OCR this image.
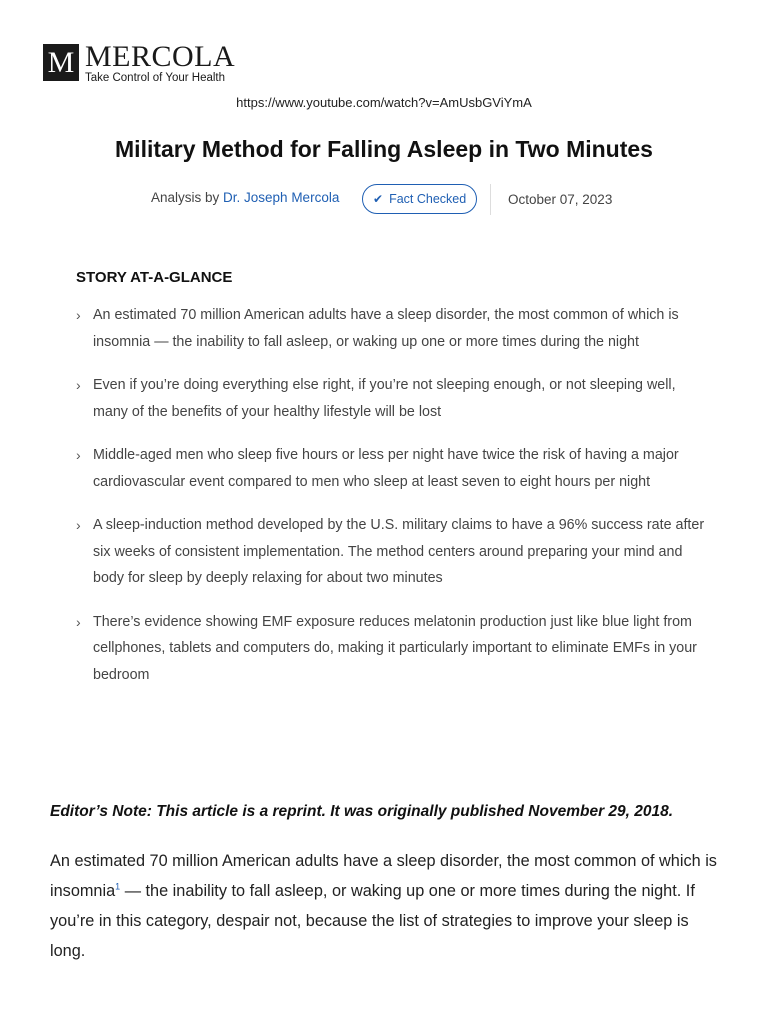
M MERCOLA
Take Control of Your Health
https://www.youtube.com/watch?v=AmUsbGViYmA
Military Method for Falling Asleep in Two Minutes
Analysis by Dr. Joseph Mercola	✔ Fact Checked	October 07, 2023
STORY AT-A-GLANCE
› An estimated 70 million American adults have a sleep disorder, the most common of which is insomnia — the inability to fall asleep, or waking up one or more times during the night
› Even if you’re doing everything else right, if you’re not sleeping enough, or not sleeping well, many of the benefits of your healthy lifestyle will be lost
› Middle-aged men who sleep five hours or less per night have twice the risk of having a major cardiovascular event compared to men who sleep at least seven to eight hours per night
› A sleep-induction method developed by the U.S. military claims to have a 96% success rate after six weeks of consistent implementation. The method centers around preparing your mind and body for sleep by deeply relaxing for about two minutes
› There’s evidence showing EMF exposure reduces melatonin production just like blue light from cellphones, tablets and computers do, making it particularly important to eliminate EMFs in your bedroom

Editor’s Note: This article is a reprint. It was originally published November 29, 2018.

An estimated 70 million American adults have a sleep disorder, the most common of which is insomnia$^1$ — the inability to fall asleep, or waking up one or more times during the night. If you’re in this category, despair not, because the list of strategies to improve your sleep is long.
